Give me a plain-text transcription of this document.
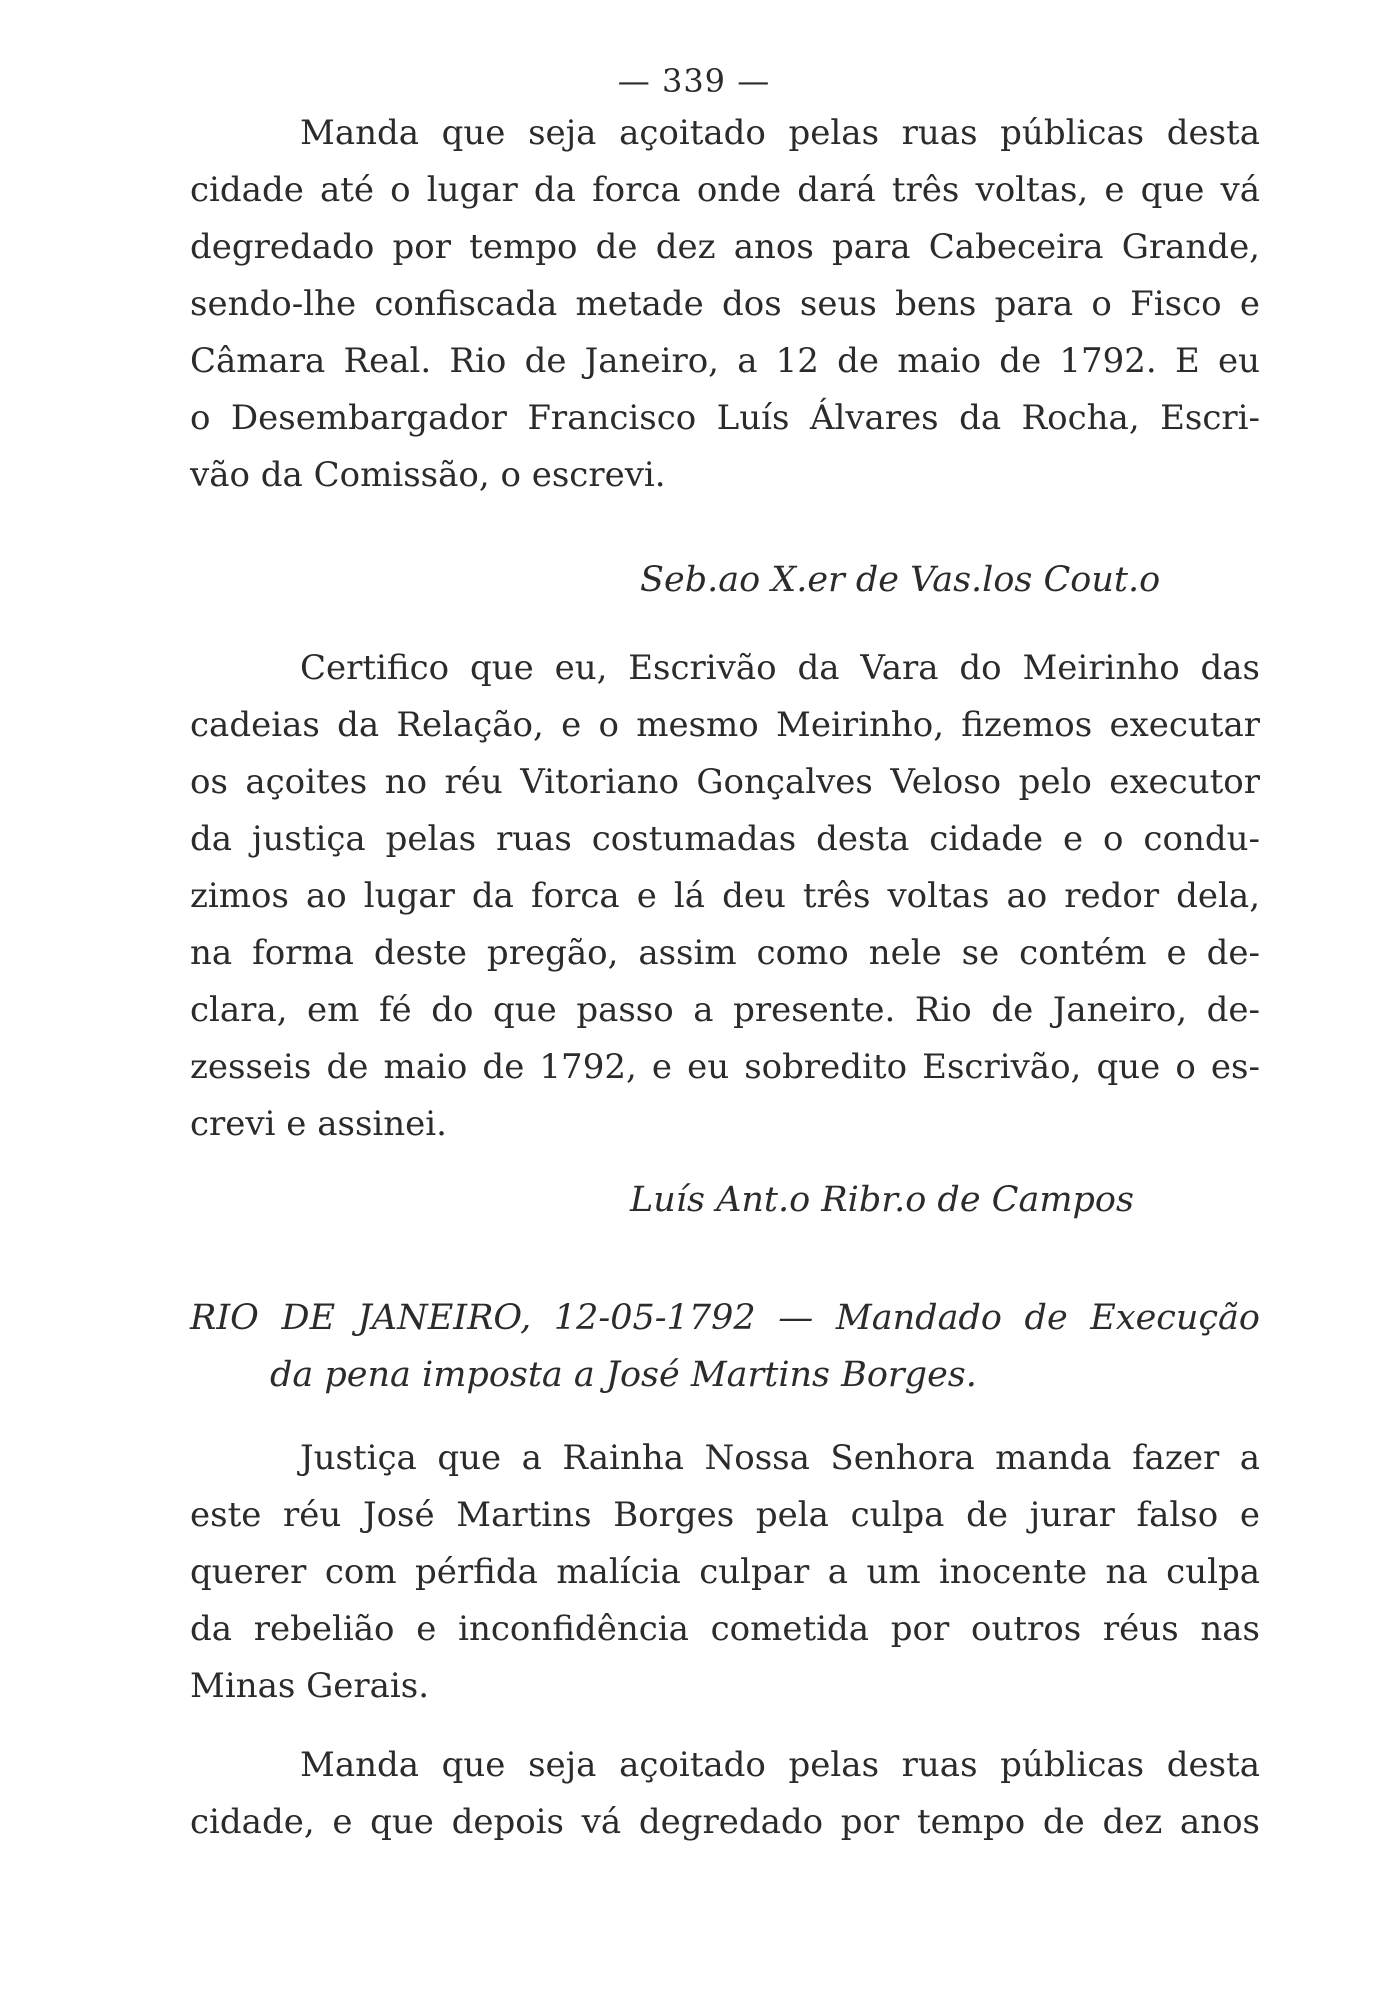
— 339 —
Manda que seja açoitado pelas ruas públicas desta
cidade até o lugar da forca onde dará três voltas, e que vá
degredado por tempo de dez anos para Cabeceira Grande,
sendo-lhe confiscada metade dos seus bens para o Fisco e
Câmara Real. Rio de Janeiro, a 12 de maio de 1792. E eu
o Desembargador Francisco Luís Álvares da Rocha, Escri-
vão da Comissão, o escrevi.
Seb.ao X.er de Vas.los Cout.o
Certifico que eu, Escrivão da Vara do Meirinho das
cadeias da Relação, e o mesmo Meirinho, fizemos executar
os açoites no réu Vitoriano Gonçalves Veloso pelo executor
da justiça pelas ruas costumadas desta cidade e o condu-
zimos ao lugar da forca e lá deu três voltas ao redor dela,
na forma deste pregão, assim como nele se contém e de-
clara, em fé do que passo a presente. Rio de Janeiro, de-
zesseis de maio de 1792, e eu sobredito Escrivão, que o es-
crevi e assinei.
Luís Ant.o Ribr.o de Campos
RIO DE JANEIRO, 12-05-1792 — Mandado de Execução
da pena imposta a José Martins Borges.
Justiça que a Rainha Nossa Senhora manda fazer a
este réu José Martins Borges pela culpa de jurar falso e
querer com pérfida malícia culpar a um inocente na culpa
da rebelião e inconfidência cometida por outros réus nas
Minas Gerais.
Manda que seja açoitado pelas ruas públicas desta
cidade, e que depois vá degredado por tempo de dez anos
